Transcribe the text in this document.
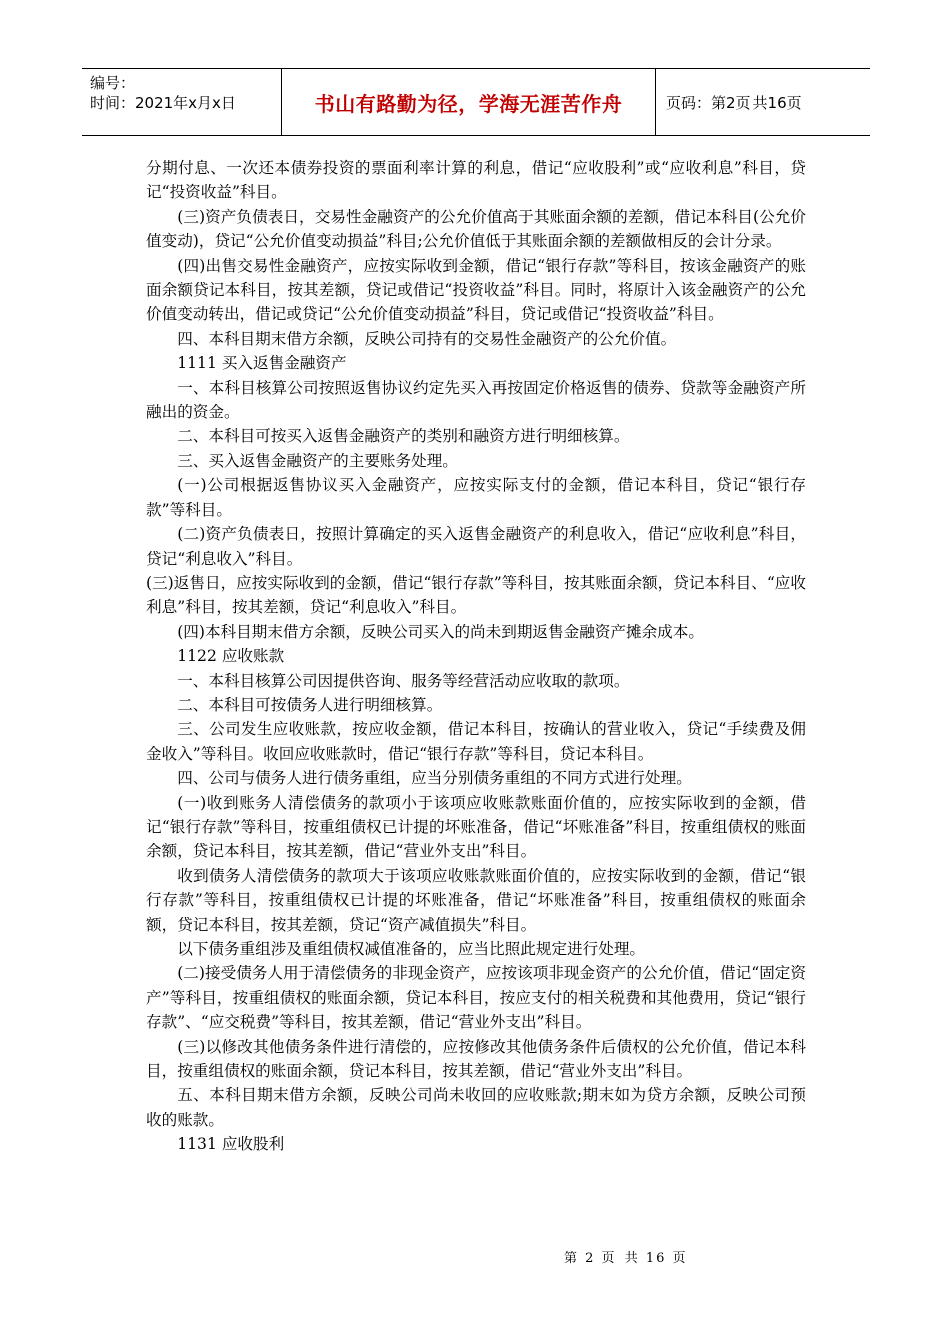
编号：
时间：2021年x月x日	书山有路勤为径，学海无涯苦作舟	页码：第2页 共16页

分期付息、一次还本债券投资的票面利率计算的利息，借记“应收股利”或“应收利息”科目，贷记“投资收益”科目。

(三)资产负债表日，交易性金融资产的公允价值高于其账面余额的差额，借记本科目(公允价值变动)，贷记“公允价值变动损益”科目;公允价值低于其账面余额的差额做相反的会计分录。

(四)出售交易性金融资产，应按实际收到金额，借记“银行存款”等科目，按该金融资产的账面余额贷记本科目，按其差额，贷记或借记“投资收益”科目。同时，将原计入该金融资产的公允价值变动转出，借记或贷记“公允价值变动损益”科目，贷记或借记“投资收益”科目。

四、本科目期末借方余额，反映公司持有的交易性金融资产的公允价值。

1111 买入返售金融资产

一、本科目核算公司按照返售协议约定先买入再按固定价格返售的债券、贷款等金融资产所融出的资金。

二、本科目可按买入返售金融资产的类别和融资方进行明细核算。

三、买入返售金融资产的主要账务处理。

(一)公司根据返售协议买入金融资产，应按实际支付的金额，借记本科目，贷记“银行存款”等科目。

(二)资产负债表日，按照计算确定的买入返售金融资产的利息收入，借记“应收利息”科目，贷记“利息收入”科目。

(三)返售日，应按实际收到的金额，借记“银行存款”等科目，按其账面余额，贷记本科目、“应收利息”科目，按其差额，贷记“利息收入”科目。

(四)本科目期末借方余额，反映公司买入的尚未到期返售金融资产摊余成本。

1122 应收账款

一、本科目核算公司因提供咨询、服务等经营活动应收取的款项。

二、本科目可按债务人进行明细核算。

三、公司发生应收账款，按应收金额，借记本科目，按确认的营业收入，贷记“手续费及佣金收入”等科目。收回应收账款时，借记“银行存款”等科目，贷记本科目。

四、公司与债务人进行债务重组，应当分别债务重组的不同方式进行处理。

(一)收到账务人清偿债务的款项小于该项应收账款账面价值的，应按实际收到的金额，借记“银行存款”等科目，按重组债权已计提的坏账准备，借记“坏账准备”科目，按重组债权的账面余额，贷记本科目，按其差额，借记“营业外支出”科目。

收到债务人清偿债务的款项大于该项应收账款账面价值的，应按实际收到的金额，借记“银行存款”等科目，按重组债权已计提的坏账准备，借记“坏账准备”科目，按重组债权的账面余额，贷记本科目，按其差额，贷记“资产减值损失”科目。

以下债务重组涉及重组债权减值准备的，应当比照此规定进行处理。

(二)接受债务人用于清偿债务的非现金资产，应按该项非现金资产的公允价值，借记“固定资产”等科目，按重组债权的账面余额，贷记本科目，按应支付的相关税费和其他费用，贷记“银行存款”、“应交税费”等科目，按其差额，借记“营业外支出”科目。

(三)以修改其他债务条件进行清偿的，应按修改其他债务条件后债权的公允价值，借记本科目，按重组债权的账面余额，贷记本科目，按其差额，借记“营业外支出”科目。

五、本科目期末借方余额，反映公司尚未收回的应收账款;期末如为贷方余额，反映公司预收的账款。

1131 应收股利

第 2 页 共 16 页
